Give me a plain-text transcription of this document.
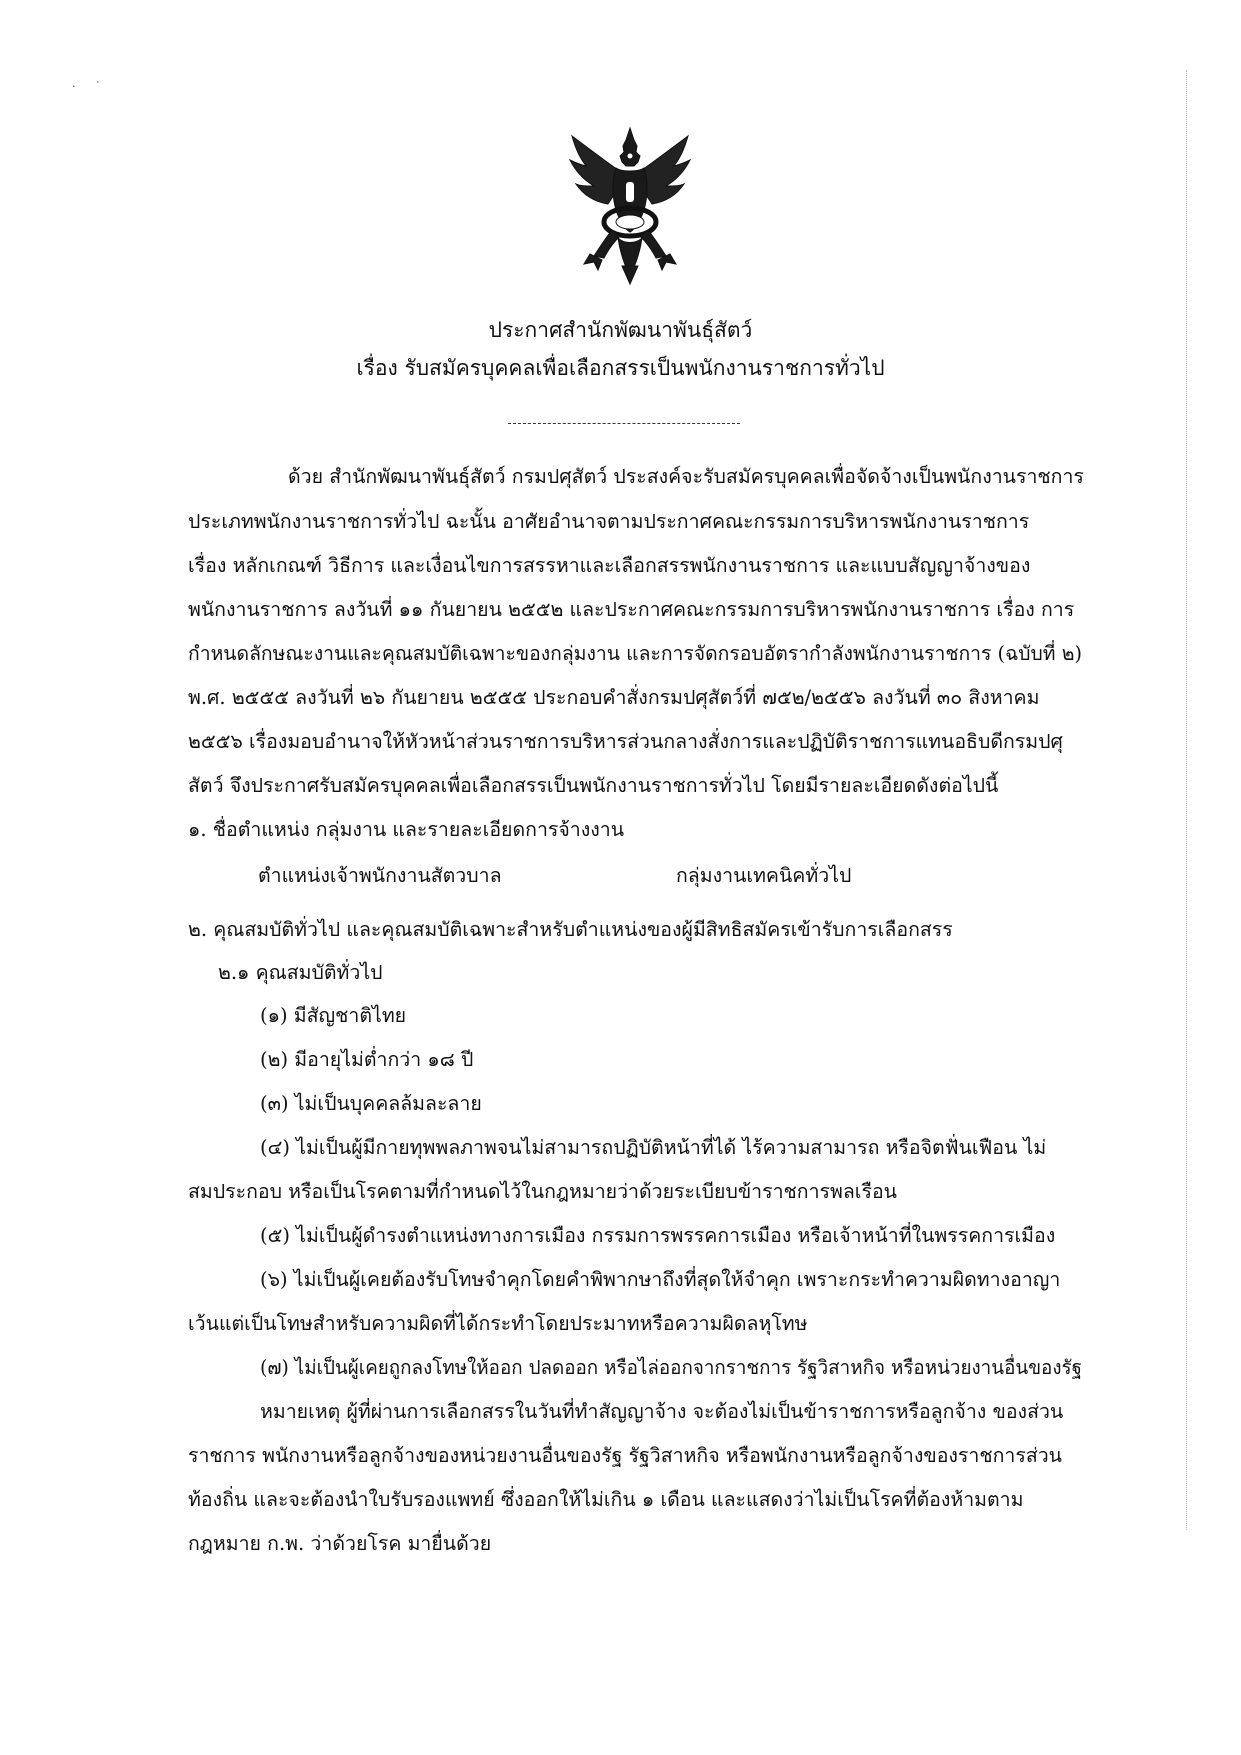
· ˙
ประกาศสำนักพัฒนาพันธุ์สัตว์
เรื่อง รับสมัครบุคคลเพื่อเลือกสรรเป็นพนักงานราชการทั่วไป
ด้วย สำนักพัฒนาพันธุ์สัตว์ กรมปศุสัตว์ ประสงค์จะรับสมัครบุคคลเพื่อจัดจ้างเป็นพนักงานราชการ
ประเภทพนักงานราชการทั่วไป ฉะนั้น อาศัยอำนาจตามประกาศคณะกรรมการบริหารพนักงานราชการ
เรื่อง หลักเกณฑ์ วิธีการ และเงื่อนไขการสรรหาและเลือกสรรพนักงานราชการ และแบบสัญญาจ้างของ
พนักงานราชการ ลงวันที่ ๑๑ กันยายน ๒๕๕๒ และประกาศคณะกรรมการบริหารพนักงานราชการ เรื่อง การ
กำหนดลักษณะงานและคุณสมบัติเฉพาะของกลุ่มงาน และการจัดกรอบอัตรากำลังพนักงานราชการ (ฉบับที่ ๒)
พ.ศ. ๒๕๕๕ ลงวันที่ ๒๖ กันยายน ๒๕๕๕ ประกอบคำสั่งกรมปศุสัตว์ที่ ๗๕๒/๒๕๕๖ ลงวันที่ ๓๐ สิงหาคม
๒๕๕๖ เรื่องมอบอำนาจให้หัวหน้าส่วนราชการบริหารส่วนกลางสั่งการและปฏิบัติราชการแทนอธิบดีกรมปศุ
สัตว์ จึงประกาศรับสมัครบุคคลเพื่อเลือกสรรเป็นพนักงานราชการทั่วไป โดยมีรายละเอียดดังต่อไปนี้
๑. ชื่อตำแหน่ง กลุ่มงาน และรายละเอียดการจ้างงาน
ตำแหน่งเจ้าพนักงานสัตวบาล	กลุ่มงานเทคนิคทั่วไป
๒. คุณสมบัติทั่วไป และคุณสมบัติเฉพาะสำหรับตำแหน่งของผู้มีสิทธิสมัครเข้ารับการเลือกสรร
๒.๑ คุณสมบัติทั่วไป
(๑) มีสัญชาติไทย
(๒) มีอายุไม่ต่ำกว่า ๑๘ ปี
(๓) ไม่เป็นบุคคลล้มละลาย
(๔) ไม่เป็นผู้มีกายทุพพลภาพจนไม่สามารถปฏิบัติหน้าที่ได้ ไร้ความสามารถ หรือจิตฟั่นเฟือน ไม่
สมประกอบ หรือเป็นโรคตามที่กำหนดไว้ในกฎหมายว่าด้วยระเบียบข้าราชการพลเรือน
(๕) ไม่เป็นผู้ดำรงตำแหน่งทางการเมือง กรรมการพรรคการเมือง หรือเจ้าหน้าที่ในพรรคการเมือง
(๖) ไม่เป็นผู้เคยต้องรับโทษจำคุกโดยคำพิพากษาถึงที่สุดให้จำคุก เพราะกระทำความผิดทางอาญา
เว้นแต่เป็นโทษสำหรับความผิดที่ได้กระทำโดยประมาทหรือความผิดลหุโทษ
(๗) ไม่เป็นผู้เคยถูกลงโทษให้ออก ปลดออก หรือไล่ออกจากราชการ รัฐวิสาหกิจ หรือหน่วยงานอื่นของรัฐ
หมายเหตุ ผู้ที่ผ่านการเลือกสรรในวันที่ทำสัญญาจ้าง จะต้องไม่เป็นข้าราชการหรือลูกจ้าง ของส่วน
ราชการ พนักงานหรือลูกจ้างของหน่วยงานอื่นของรัฐ รัฐวิสาหกิจ หรือพนักงานหรือลูกจ้างของราชการส่วน
ท้องถิ่น และจะต้องนำใบรับรองแพทย์ ซึ่งออกให้ไม่เกิน ๑ เดือน และแสดงว่าไม่เป็นโรคที่ต้องห้ามตาม
กฎหมาย ก.พ. ว่าด้วยโรค มายื่นด้วย
